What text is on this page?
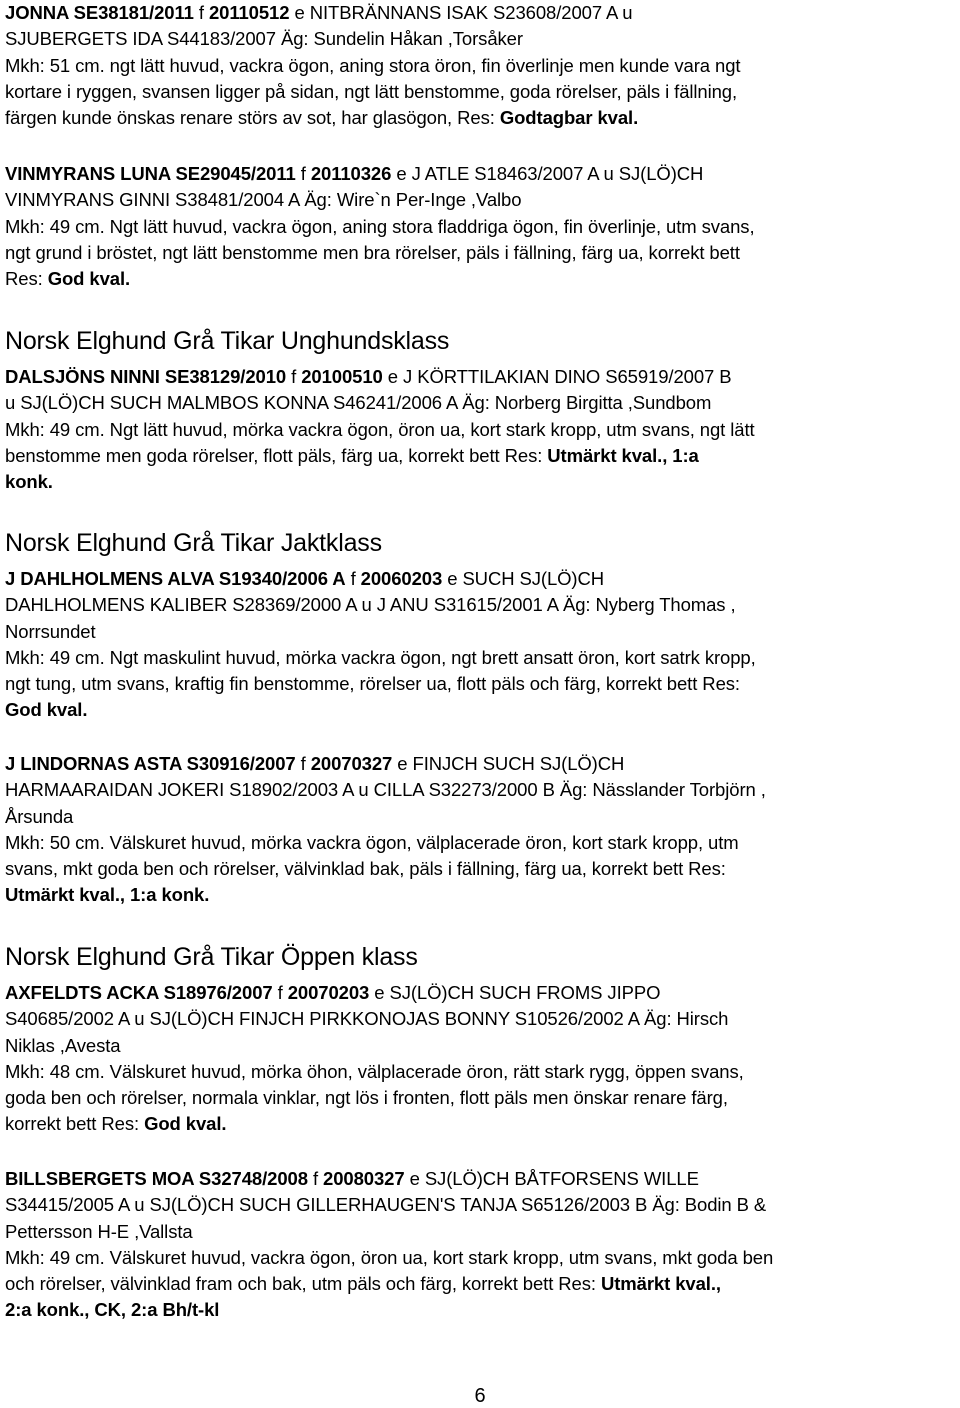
JONNA SE38181/2011 f 20110512 e NITBRÄNNANS ISAK S23608/2007 A u
SJUBERGETS IDA S44183/2007 Äg: Sundelin Håkan ,Torsåker
Mkh: 51 cm. ngt lätt huvud, vackra ögon, aning stora öron, fin överlinje men kunde vara ngt
kortare i ryggen, svansen ligger på sidan, ngt lätt benstomme, goda rörelser, päls i fällning,
färgen kunde önskas renare störs av sot, har glasögon, Res: Godtagbar kval.
VINMYRANS LUNA SE29045/2011 f 20110326 e J ATLE S18463/2007 A u SJ(LÖ)CH
VINMYRANS GINNI S38481/2004 A Äg: Wire`n Per-Inge ,Valbo
Mkh: 49 cm. Ngt lätt huvud, vackra ögon, aning stora fladdriga ögon, fin överlinje, utm svans,
ngt grund i bröstet, ngt lätt benstomme men bra rörelser, päls i fällning, färg ua, korrekt bett
Res: God kval.
Norsk Elghund Grå Tikar Unghundsklass
DALSJÖNS NINNI SE38129/2010 f 20100510 e J KÖRTTILAKIAN DINO S65919/2007 B
u SJ(LÖ)CH SUCH MALMBOS KONNA S46241/2006 A Äg: Norberg Birgitta ,Sundbom
Mkh: 49 cm. Ngt lätt huvud, mörka vackra ögon, öron ua, kort stark kropp, utm svans, ngt lätt
benstomme men goda rörelser, flott päls, färg ua, korrekt bett Res: Utmärkt kval., 1:a
konk.
Norsk Elghund Grå Tikar Jaktklass
J DAHLHOLMENS ALVA S19340/2006 A f 20060203 e SUCH SJ(LÖ)CH
DAHLHOLMENS KALIBER S28369/2000 A u J ANU S31615/2001 A Äg: Nyberg Thomas ,
Norrsundet
Mkh: 49 cm. Ngt maskulint huvud, mörka vackra ögon, ngt brett ansatt öron, kort satrk kropp,
ngt tung, utm svans, kraftig fin benstomme, rörelser ua, flott päls och färg, korrekt bett Res:
God kval.
J LINDORNAS ASTA S30916/2007 f 20070327 e FINJCH SUCH SJ(LÖ)CH
HARMAARAIDAN JOKERI S18902/2003 A u CILLA S32273/2000 B Äg: Nässlander Torbjörn ,
Årsunda
Mkh: 50 cm. Välskuret huvud, mörka vackra ögon, välplacerade öron, kort stark kropp, utm
svans, mkt goda ben och rörelser, välvinklad bak, päls i fällning, färg ua, korrekt bett Res:
Utmärkt kval., 1:a konk.
Norsk Elghund Grå Tikar Öppen klass
AXFELDTS ACKA S18976/2007 f 20070203 e SJ(LÖ)CH SUCH FROMS JIPPO
S40685/2002 A u SJ(LÖ)CH FINJCH PIRKKONOJAS BONNY S10526/2002 A Äg: Hirsch
Niklas ,Avesta
Mkh: 48 cm. Välskuret huvud, mörka öhon, välplacerade öron, rätt stark rygg, öppen svans,
goda ben och rörelser, normala vinklar, ngt lös i fronten, flott päls men önskar renare färg,
korrekt bett Res: God kval.
BILLSBERGETS MOA S32748/2008 f 20080327 e SJ(LÖ)CH BÅTFORSENS WILLE
S34415/2005 A u SJ(LÖ)CH SUCH GILLERHAUGEN'S TANJA S65126/2003 B Äg: Bodin B &
Pettersson H-E ,Vallsta
Mkh: 49 cm. Välskuret huvud, vackra ögon, öron ua, kort stark kropp, utm svans, mkt goda ben
och rörelser, välvinklad fram och bak, utm päls och färg, korrekt bett Res: Utmärkt kval.,
2:a konk., CK, 2:a Bh/t-kl
6
